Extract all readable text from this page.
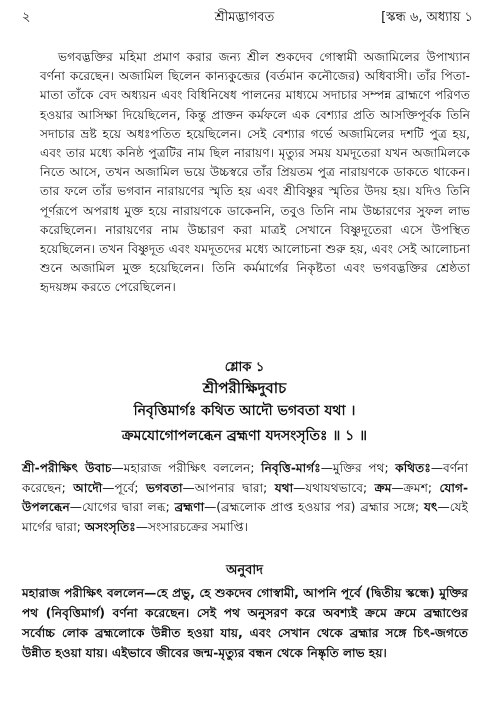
২	শ্রীমদ্ভাগবত	[স্কন্ধ ৬, অধ্যায় ১

ভগবদ্ভক্তির মহিমা প্রমাণ করার জন্য শ্রীল শুকদেব গোস্বামী অজামিলের উপাখ্যান বর্ণনা করেছেন। অজামিল ছিলেন কান্যকুব্জের (বর্তমান কনৌজের) অধিবাসী। তাঁর পিতা-মাতা তাঁকে বেদ অধ্যয়ন এবং বিধিনিষেধ পালনের মাধ্যমে সদাচার সম্পন্ন ব্রাহ্মণে পরিণত হওয়ার আসিক্ষা দিয়েছিলেন, কিন্তু প্রাক্তন কর্মফলে এক বেশ্যার প্রতি আসক্তিপূর্বক তিনি সদাচার ভ্রষ্ট হয়ে অধঃপতিত হয়েছিলেন। সেই বেশ্যার গর্ভে অজামিলের দশটি পুত্র হয়, এবং তার মধ্যে কনিষ্ঠ পুত্রটির নাম ছিল নারায়ণ। মৃত্যুর সময় যমদূতেরা যখন অজামিলকে নিতে আসে, তখন অজামিল ভয়ে উচ্চস্বরে তাঁর প্রিয়তম পুত্র নারায়ণকে ডাকতে থাকেন। তার ফলে তাঁর ভগবান নারায়ণের স্মৃতি হয় এবং শ্রীবিষ্ণুর স্মৃতির উদয় হয়। যদিও তিনি পূর্ণরূপে অপরাধ মুক্ত হয়ে নারায়ণকে ডাকেননি, তবুও তিনি নাম উচ্চারণের সুফল লাভ করেছিলেন। নারায়ণের নাম উচ্চারণ করা মাত্রই সেখানে বিষ্ণুদূতেরা এসে উপস্থিত হয়েছিলেন। তখন বিষ্ণুদূত এবং যমদূতদের মধ্যে আলোচনা শুরু হয়, এবং সেই আলোচনা শুনে অজামিল মুক্ত হয়েছিলেন। তিনি কর্মমার্গের নিকৃষ্টতা এবং ভগবদ্ভক্তির শ্রেষ্ঠতা হৃদয়ঙ্গম করতে পেরেছিলেন।

শ্লোক ১
শ্রীপরীক্ষিদুবাচ
নিবৃত্তিমার্গঃ কথিত আদৌ ভগবতা যথা ।
ক্রমযোগোপলব্ধেন ব্রহ্মণা যদসংসৃতিঃ ॥ ১ ॥

শ্রী-পরীক্ষিৎ উবাচ—মহারাজ পরীক্ষিৎ বললেন; নিবৃত্তি-মার্গঃ—মুক্তির পথ; কথিতঃ—বর্ণনা করেছেন; আদৌ—পূর্বে; ভগবতা—আপনার দ্বারা; যথা—যথাযথভাবে; ক্রম—ক্রমশ; যোগ-উপলব্ধেন—যোগের দ্বারা লব্ধ; ব্রহ্মণা—(ব্রহ্মলোক প্রাপ্ত হওয়ার পর) ব্রহ্মার সঙ্গে; যৎ—যেই মার্গের দ্বারা; অসংসৃতিঃ—সংসারচক্রের সমাপ্তি।

অনুবাদ

মহারাজ পরীক্ষিৎ বললেন—হে প্রভু, হে শুকদেব গোস্বামী, আপনি পূর্বে (দ্বিতীয় স্কন্ধে) মুক্তির পথ (নিবৃত্তিমার্গ) বর্ণনা করেছেন। সেই পথ অনুসরণ করে অবশ্যই ক্রমে ক্রমে ব্রহ্মাণ্ডের সর্বোচ্চ লোক ব্রহ্মলোকে উন্নীত হওয়া যায়, এবং সেখান থেকে ব্রহ্মার সঙ্গে চিৎ-জগতে উন্নীত হওয়া যায়। এইভাবে জীবের জন্ম-মৃত্যুর বন্ধন থেকে নিষ্কৃতি লাভ হয়।
